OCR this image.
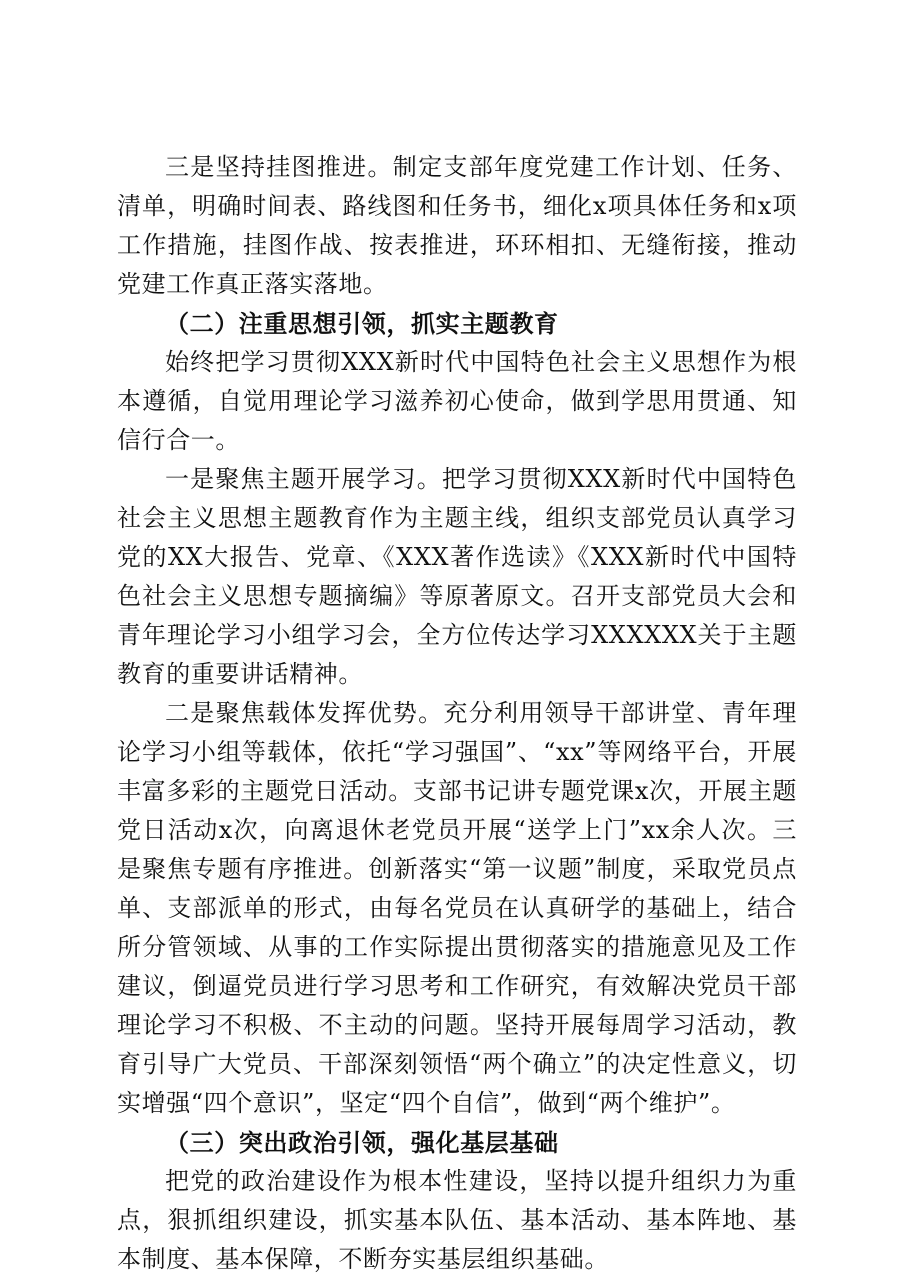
三是坚持挂图推进。制定支部年度党建工作计划、任务、清单，明确时间表、路线图和任务书，细化x项具体任务和x项工作措施，挂图作战、按表推进，环环相扣、无缝衔接，推动党建工作真正落实落地。

（二）注重思想引领，抓实主题教育

始终把学习贯彻XXX新时代中国特色社会主义思想作为根本遵循，自觉用理论学习滋养初心使命，做到学思用贯通、知信行合一。

一是聚焦主题开展学习。把学习贯彻XXX新时代中国特色社会主义思想主题教育作为主题主线，组织支部党员认真学习党的XX大报告、党章、《XXX著作选读》《XXX新时代中国特色社会主义思想专题摘编》等原著原文。召开支部党员大会和青年理论学习小组学习会，全方位传达学习XXXXXX关于主题教育的重要讲话精神。

二是聚焦载体发挥优势。充分利用领导干部讲堂、青年理论学习小组等载体，依托“学习强国”、“xx”等网络平台，开展丰富多彩的主题党日活动。支部书记讲专题党课x次，开展主题党日活动x次，向离退休老党员开展“送学上门”xx余人次。三是聚焦专题有序推进。创新落实“第一议题”制度，采取党员点单、支部派单的形式，由每名党员在认真研学的基础上，结合所分管领域、从事的工作实际提出贯彻落实的措施意见及工作建议，倒逼党员进行学习思考和工作研究，有效解决党员干部理论学习不积极、不主动的问题。坚持开展每周学习活动，教育引导广大党员、干部深刻领悟“两个确立”的决定性意义，切实增强“四个意识”，坚定“四个自信”，做到“两个维护”。

（三）突出政治引领，强化基层基础

把党的政治建设作为根本性建设，坚持以提升组织力为重点，狠抓组织建设，抓实基本队伍、基本活动、基本阵地、基本制度、基本保障，不断夯实基层组织基础。
